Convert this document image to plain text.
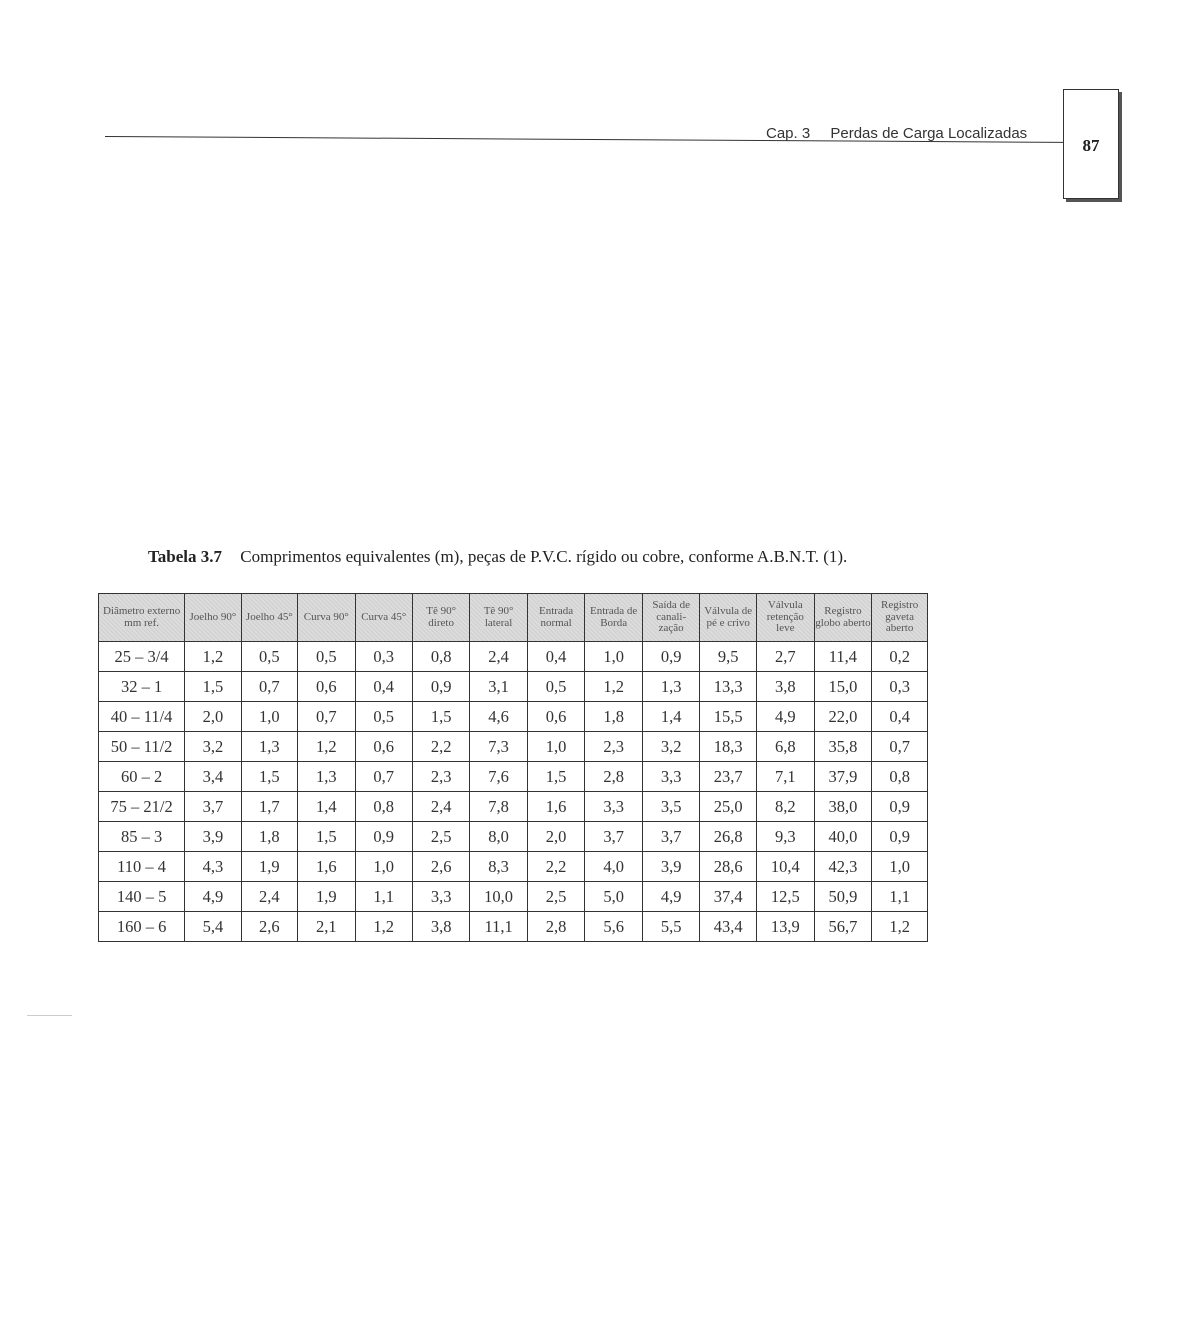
Cap. 3 Perdas de Carga Localizadas
87
Tabela 3.7 Comprimentos equivalentes (m), peças de P.V.C. rígido ou cobre, conforme A.B.N.T. (1).
Diâmetro externo mm ref.	Joelho 90°	Joelho 45°	Curva 90°	Curva 45°	Tê 90° direto	Tê 90° lateral	Entrada normal	Entrada de Borda	Saída de canali- zação	Válvula de pé e crivo	Válvula retenção leve	Registro globo aberto	Registro gaveta aberto
25 – 3/4	1,2	0,5	0,5	0,3	0,8	2,4	0,4	1,0	0,9	9,5	2,7	11,4	0,2
32 – 1	1,5	0,7	0,6	0,4	0,9	3,1	0,5	1,2	1,3	13,3	3,8	15,0	0,3
40 – 11/4	2,0	1,0	0,7	0,5	1,5	4,6	0,6	1,8	1,4	15,5	4,9	22,0	0,4
50 – 11/2	3,2	1,3	1,2	0,6	2,2	7,3	1,0	2,3	3,2	18,3	6,8	35,8	0,7
60 – 2	3,4	1,5	1,3	0,7	2,3	7,6	1,5	2,8	3,3	23,7	7,1	37,9	0,8
75 – 21/2	3,7	1,7	1,4	0,8	2,4	7,8	1,6	3,3	3,5	25,0	8,2	38,0	0,9
85 – 3	3,9	1,8	1,5	0,9	2,5	8,0	2,0	3,7	3,7	26,8	9,3	40,0	0,9
110 – 4	4,3	1,9	1,6	1,0	2,6	8,3	2,2	4,0	3,9	28,6	10,4	42,3	1,0
140 – 5	4,9	2,4	1,9	1,1	3,3	10,0	2,5	5,0	4,9	37,4	12,5	50,9	1,1
160 – 6	5,4	2,6	2,1	1,2	3,8	11,1	2,8	5,6	5,5	43,4	13,9	56,7	1,2
